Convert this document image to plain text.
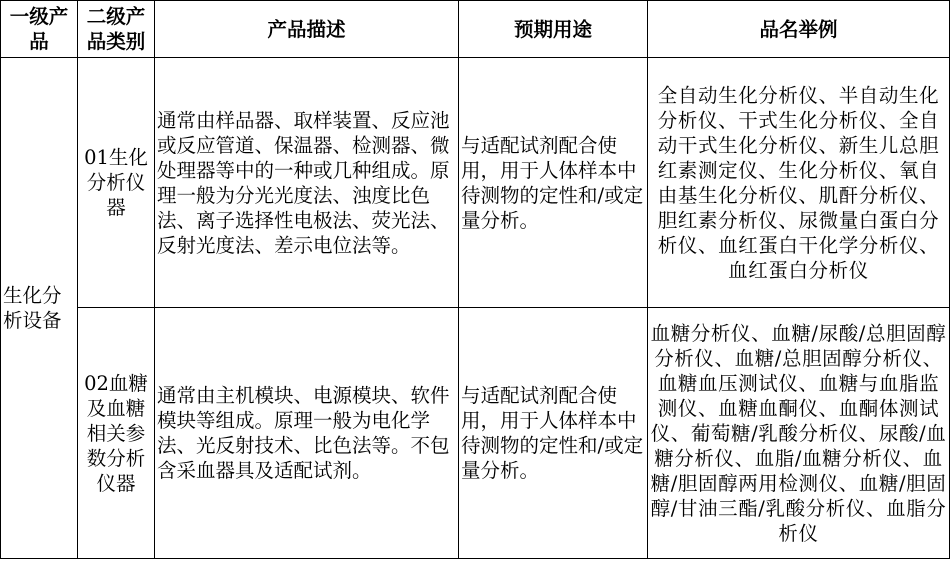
一级产品	二级产品类别	产品描述	预期用途	品名举例
生化分析设备	01生化分析仪器	通常由样品器、取样装置、反应池或反应管道、保温器、检测器、微处理器等中的一种或几种组成。原理一般为分光光度法、浊度比色法、离子选择性电极法、荧光法、反射光度法、差示电位法等。	与适配试剂配合使用，用于人体样本中待测物的定性和/或定量分析。	全自动生化分析仪、半自动生化分析仪、干式生化分析仪、全自动干式生化分析仪、新生儿总胆红素测定仪、生化分析仪、氧自由基生化分析仪、肌酐分析仪、胆红素分析仪、尿微量白蛋白分析仪、血红蛋白干化学分析仪、血红蛋白分析仪
	02血糖及血糖相关参数分析仪器	通常由主机模块、电源模块、软件模块等组成。原理一般为电化学法、光反射技术、比色法等。不包含采血器具及适配试剂。	与适配试剂配合使用，用于人体样本中待测物的定性和/或定量分析。	血糖分析仪、血糖/尿酸/总胆固醇分析仪、血糖/总胆固醇分析仪、血糖血压测试仪、血糖与血脂监测仪、血糖血酮仪、血酮体测试仪、葡萄糖/乳酸分析仪、尿酸/血糖分析仪、血脂/血糖分析仪、血糖/胆固醇两用检测仪、血糖/胆固醇/甘油三酯/乳酸分析仪、血脂分析仪
